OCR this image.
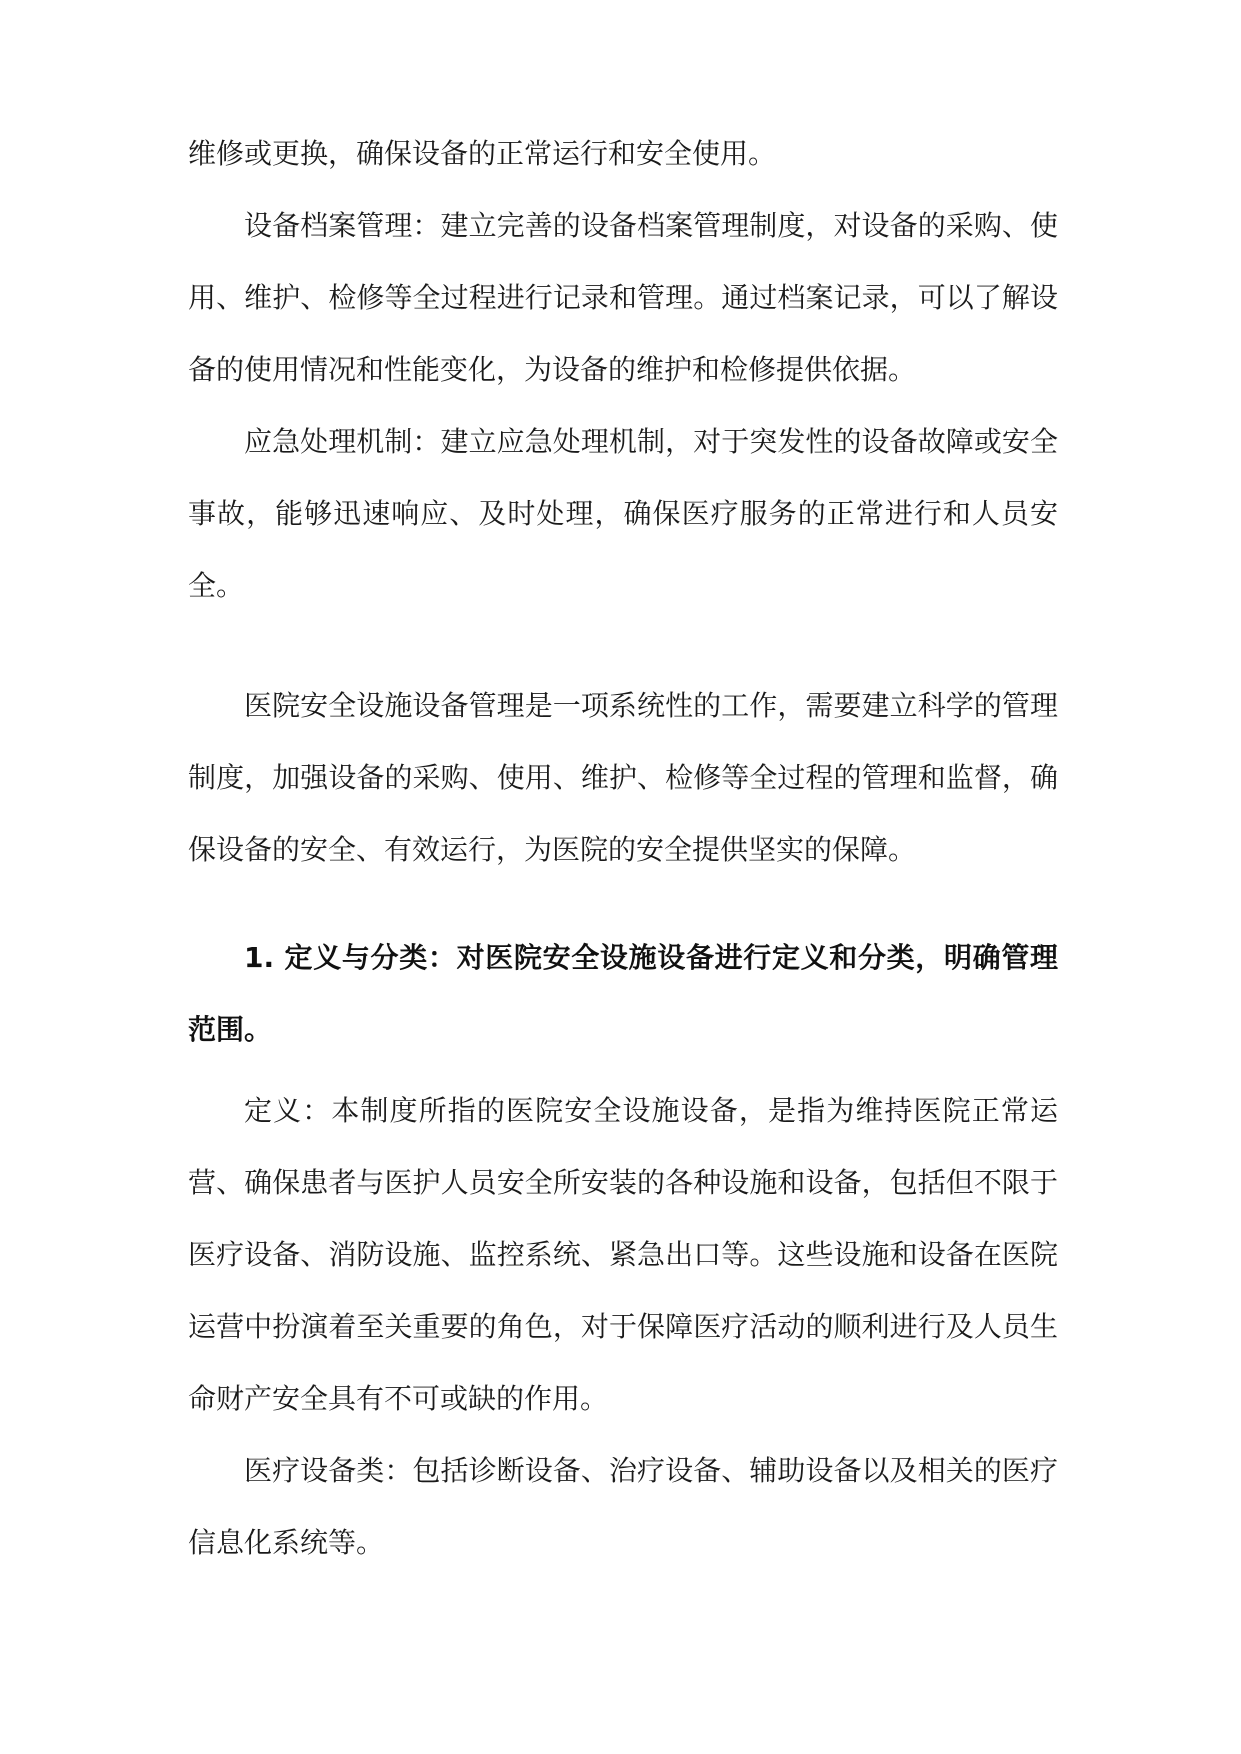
维修或更换，确保设备的正常运行和安全使用。

设备档案管理：建立完善的设备档案管理制度，对设备的采购、使用、维护、检修等全过程进行记录和管理。通过档案记录，可以了解设备的使用情况和性能变化，为设备的维护和检修提供依据。

应急处理机制：建立应急处理机制，对于突发性的设备故障或安全事故，能够迅速响应、及时处理，确保医疗服务的正常进行和人员安全。

医院安全设施设备管理是一项系统性的工作，需要建立科学的管理制度，加强设备的采购、使用、维护、检修等全过程的管理和监督，确保设备的安全、有效运行，为医院的安全提供坚实的保障。

1. 定义与分类：对医院安全设施设备进行定义和分类，明确管理范围。

定义：本制度所指的医院安全设施设备，是指为维持医院正常运营、确保患者与医护人员安全所安装的各种设施和设备，包括但不限于医疗设备、消防设施、监控系统、紧急出口等。这些设施和设备在医院运营中扮演着至关重要的角色，对于保障医疗活动的顺利进行及人员生命财产安全具有不可或缺的作用。

医疗设备类：包括诊断设备、治疗设备、辅助设备以及相关的医疗信息化系统等。
